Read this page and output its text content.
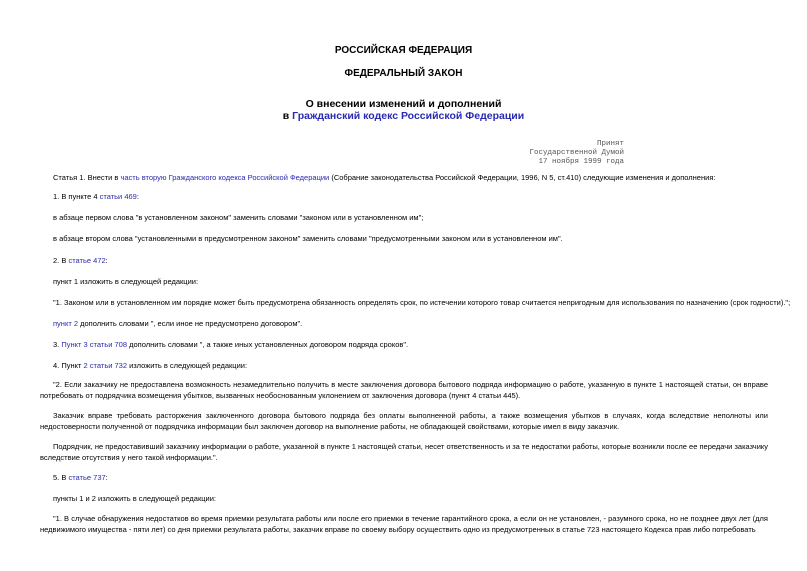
РОССИЙСКАЯ ФЕДЕРАЦИЯ
ФЕДЕРАЛЬНЫЙ ЗАКОН
О внесении изменений и дополнений
в Гражданский кодекс Российской Федерации
Принят
Государственной Думой
17 ноября 1999 года
Статья 1. Внести в часть вторую Гражданского кодекса Российской Федерации (Собрание законодательства Российской Федерации, 1996, N 5, ст.410) следующие изменения и дополнения:
1. В пункте 4 статьи 469:
в абзаце первом слова "в установленном законом" заменить словами "законом или в установленном им";
в абзаце втором слова "установленными в предусмотренном законом" заменить словами "предусмотренными законом или в установленном им".
2. В статье 472:
пункт 1 изложить в следующей редакции:
"1. Законом или в установленном им порядке может быть предусмотрена обязанность определять срок, по истечении которого товар считается непригодным для использования по назначению (срок годности).";
пункт 2 дополнить словами ", если иное не предусмотрено договором".
3. Пункт 3 статьи 708 дополнить словами ", а также иных установленных договором подряда сроков".
4. Пункт 2 статьи 732 изложить в следующей редакции:
"2. Если заказчику не предоставлена возможность незамедлительно получить в месте заключения договора бытового подряда информацию о работе, указанную в пункте 1 настоящей статьи, он вправе потребовать от подрядчика возмещения убытков, вызванных необоснованным уклонением от заключения договора (пункт 4 статьи 445).
Заказчик вправе требовать расторжения заключенного договора бытового подряда без оплаты выполненной работы, а также возмещения убытков в случаях, когда вследствие неполноты или недостоверности полученной от подрядчика информации был заключен договор на выполнение работы, не обладающей свойствами, которые имел в виду заказчик.
Подрядчик, не предоставивший заказчику информации о работе, указанной в пункте 1 настоящей статьи, несет ответственность и за те недостатки работы, которые возникли после ее передачи заказчику вследствие отсутствия у него такой информации.".
5. В статье 737:
пункты 1 и 2 изложить в следующей редакции:
"1. В случае обнаружения недостатков во время приемки результата работы или после его приемки в течение гарантийного срока, а если он не установлен, - разумного срока, но не позднее двух лет (для недвижимого имущества - пяти лет) со дня приемки результата работы, заказчик вправе по своему выбору осуществить одно из предусмотренных в статье 723 настоящего Кодекса прав либо потребовать
